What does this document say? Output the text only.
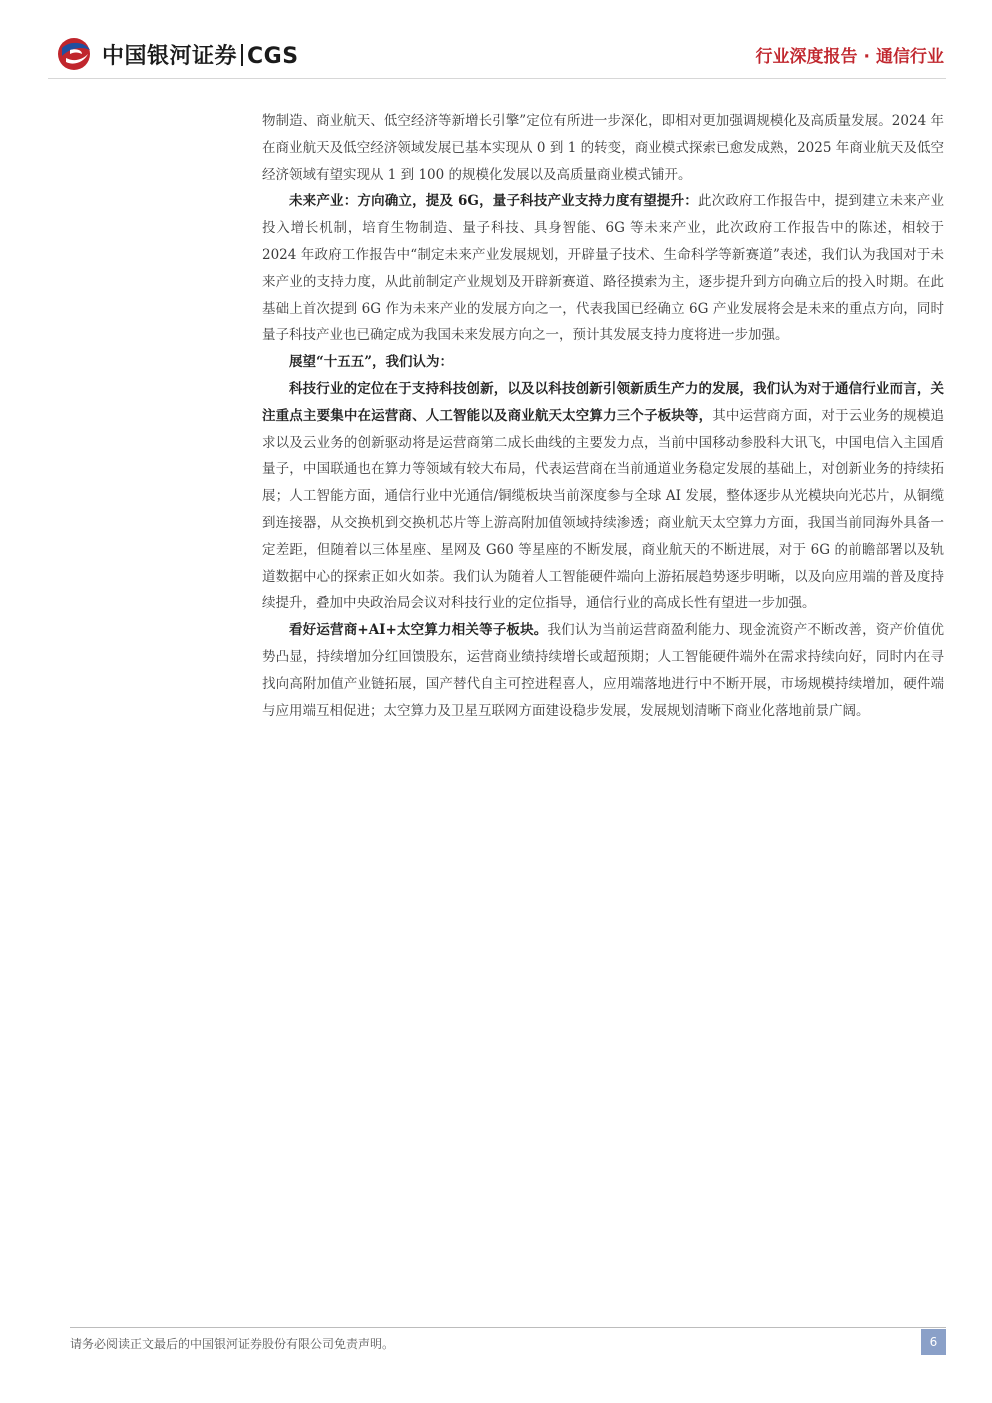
中国银河证券 CGS	行业深度报告 · 通信行业

物制造、商业航天、低空经济等新增长引擎”定位有所进一步深化，即相对更加强调规模化及高质量发展。2024 年在商业航天及低空经济领域发展已基本实现从 0 到 1 的转变，商业模式探索已愈发成熟，2025 年商业航天及低空经济领域有望实现从 1 到 100 的规模化发展以及高质量商业模式铺开。

未来产业：方向确立，提及 6G，量子科技产业支持力度有望提升：此次政府工作报告中，提到建立未来产业投入增长机制，培育生物制造、量子科技、具身智能、6G 等未来产业，此次政府工作报告中的陈述，相较于 2024 年政府工作报告中“制定未来产业发展规划，开辟量子技术、生命科学等新赛道”表述，我们认为我国对于未来产业的支持力度，从此前制定产业规划及开辟新赛道、路径摸索为主，逐步提升到方向确立后的投入时期。在此基础上首次提到 6G 作为未来产业的发展方向之一，代表我国已经确立 6G 产业发展将会是未来的重点方向，同时量子科技产业也已确定成为我国未来发展方向之一，预计其发展支持力度将进一步加强。

展望“十五五”，我们认为：

科技行业的定位在于支持科技创新，以及以科技创新引领新质生产力的发展，我们认为对于通信行业而言，关注重点主要集中在运营商、人工智能以及商业航天太空算力三个子板块等，其中运营商方面，对于云业务的规模追求以及云业务的创新驱动将是运营商第二成长曲线的主要发力点，当前中国移动参股科大讯飞，中国电信入主国盾量子，中国联通也在算力等领域有较大布局，代表运营商在当前通道业务稳定发展的基础上，对创新业务的持续拓展；人工智能方面，通信行业中光通信/铜缆板块当前深度参与全球 AI 发展，整体逐步从光模块向光芯片，从铜缆到连接器，从交换机到交换机芯片等上游高附加值领域持续渗透；商业航天太空算力方面，我国当前同海外具备一定差距，但随着以三体星座、星网及 G60 等星座的不断发展，商业航天的不断进展，对于 6G 的前瞻部署以及轨道数据中心的探索正如火如荼。我们认为随着人工智能硬件端向上游拓展趋势逐步明晰，以及向应用端的普及度持续提升，叠加中央政治局会议对科技行业的定位指导，通信行业的高成长性有望进一步加强。

看好运营商+AI+太空算力相关等子板块。我们认为当前运营商盈利能力、现金流资产不断改善，资产价值优势凸显，持续增加分红回馈股东，运营商业绩持续增长或超预期；人工智能硬件端外在需求持续向好，同时内在寻找向高附加值产业链拓展，国产替代自主可控进程喜人，应用端落地进行中不断开展，市场规模持续增加，硬件端与应用端互相促进；太空算力及卫星互联网方面建设稳步发展，发展规划清晰下商业化落地前景广阔。

请务必阅读正文最后的中国银河证券股份有限公司免责声明。	6
